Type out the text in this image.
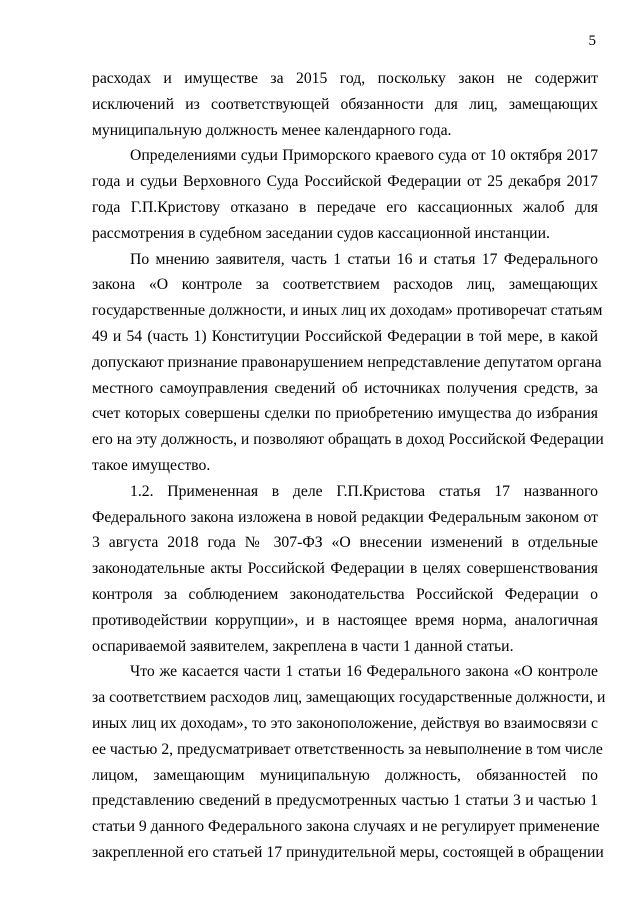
5
расходах и имуществе за 2015 год, поскольку закон не содержит
исключений из соответствующей обязанности для лиц, замещающих
муниципальную должность менее календарного года.
Определениями судьи Приморского краевого суда от 10 октября 2017
года и судьи Верховного Суда Российской Федерации от 25 декабря 2017
года Г.П.Кристову отказано в передаче его кассационных жалоб для
рассмотрения в судебном заседании судов кассационной инстанции.
По мнению заявителя, часть 1 статьи 16 и статья 17 Федерального
закона «О контроле за соответствием расходов лиц, замещающих
государственные должности, и иных лиц их доходам» противоречат статьям
49 и 54 (часть 1) Конституции Российской Федерации в той мере, в какой
допускают признание правонарушением непредставление депутатом органа
местного самоуправления сведений об источниках получения средств, за
счет которых совершены сделки по приобретению имущества до избрания
его на эту должность, и позволяют обращать в доход Российской Федерации
такое имущество.
1.2. Примененная в деле Г.П.Кристова статья 17 названного
Федерального закона изложена в новой редакции Федеральным законом от
3 августа 2018 года № 307-ФЗ «О внесении изменений в отдельные
законодательные акты Российской Федерации в целях совершенствования
контроля за соблюдением законодательства Российской Федерации о
противодействии коррупции», и в настоящее время норма, аналогичная
оспариваемой заявителем, закреплена в части 1 данной статьи.
Что же касается части 1 статьи 16 Федерального закона «О контроле
за соответствием расходов лиц, замещающих государственные должности, и
иных лиц их доходам», то это законоположение, действуя во взаимосвязи с
ее частью 2, предусматривает ответственность за невыполнение в том числе
лицом, замещающим муниципальную должность, обязанностей по
представлению сведений в предусмотренных частью 1 статьи 3 и частью 1
статьи 9 данного Федерального закона случаях и не регулирует применение
закрепленной его статьей 17 принудительной меры, состоящей в обращении
